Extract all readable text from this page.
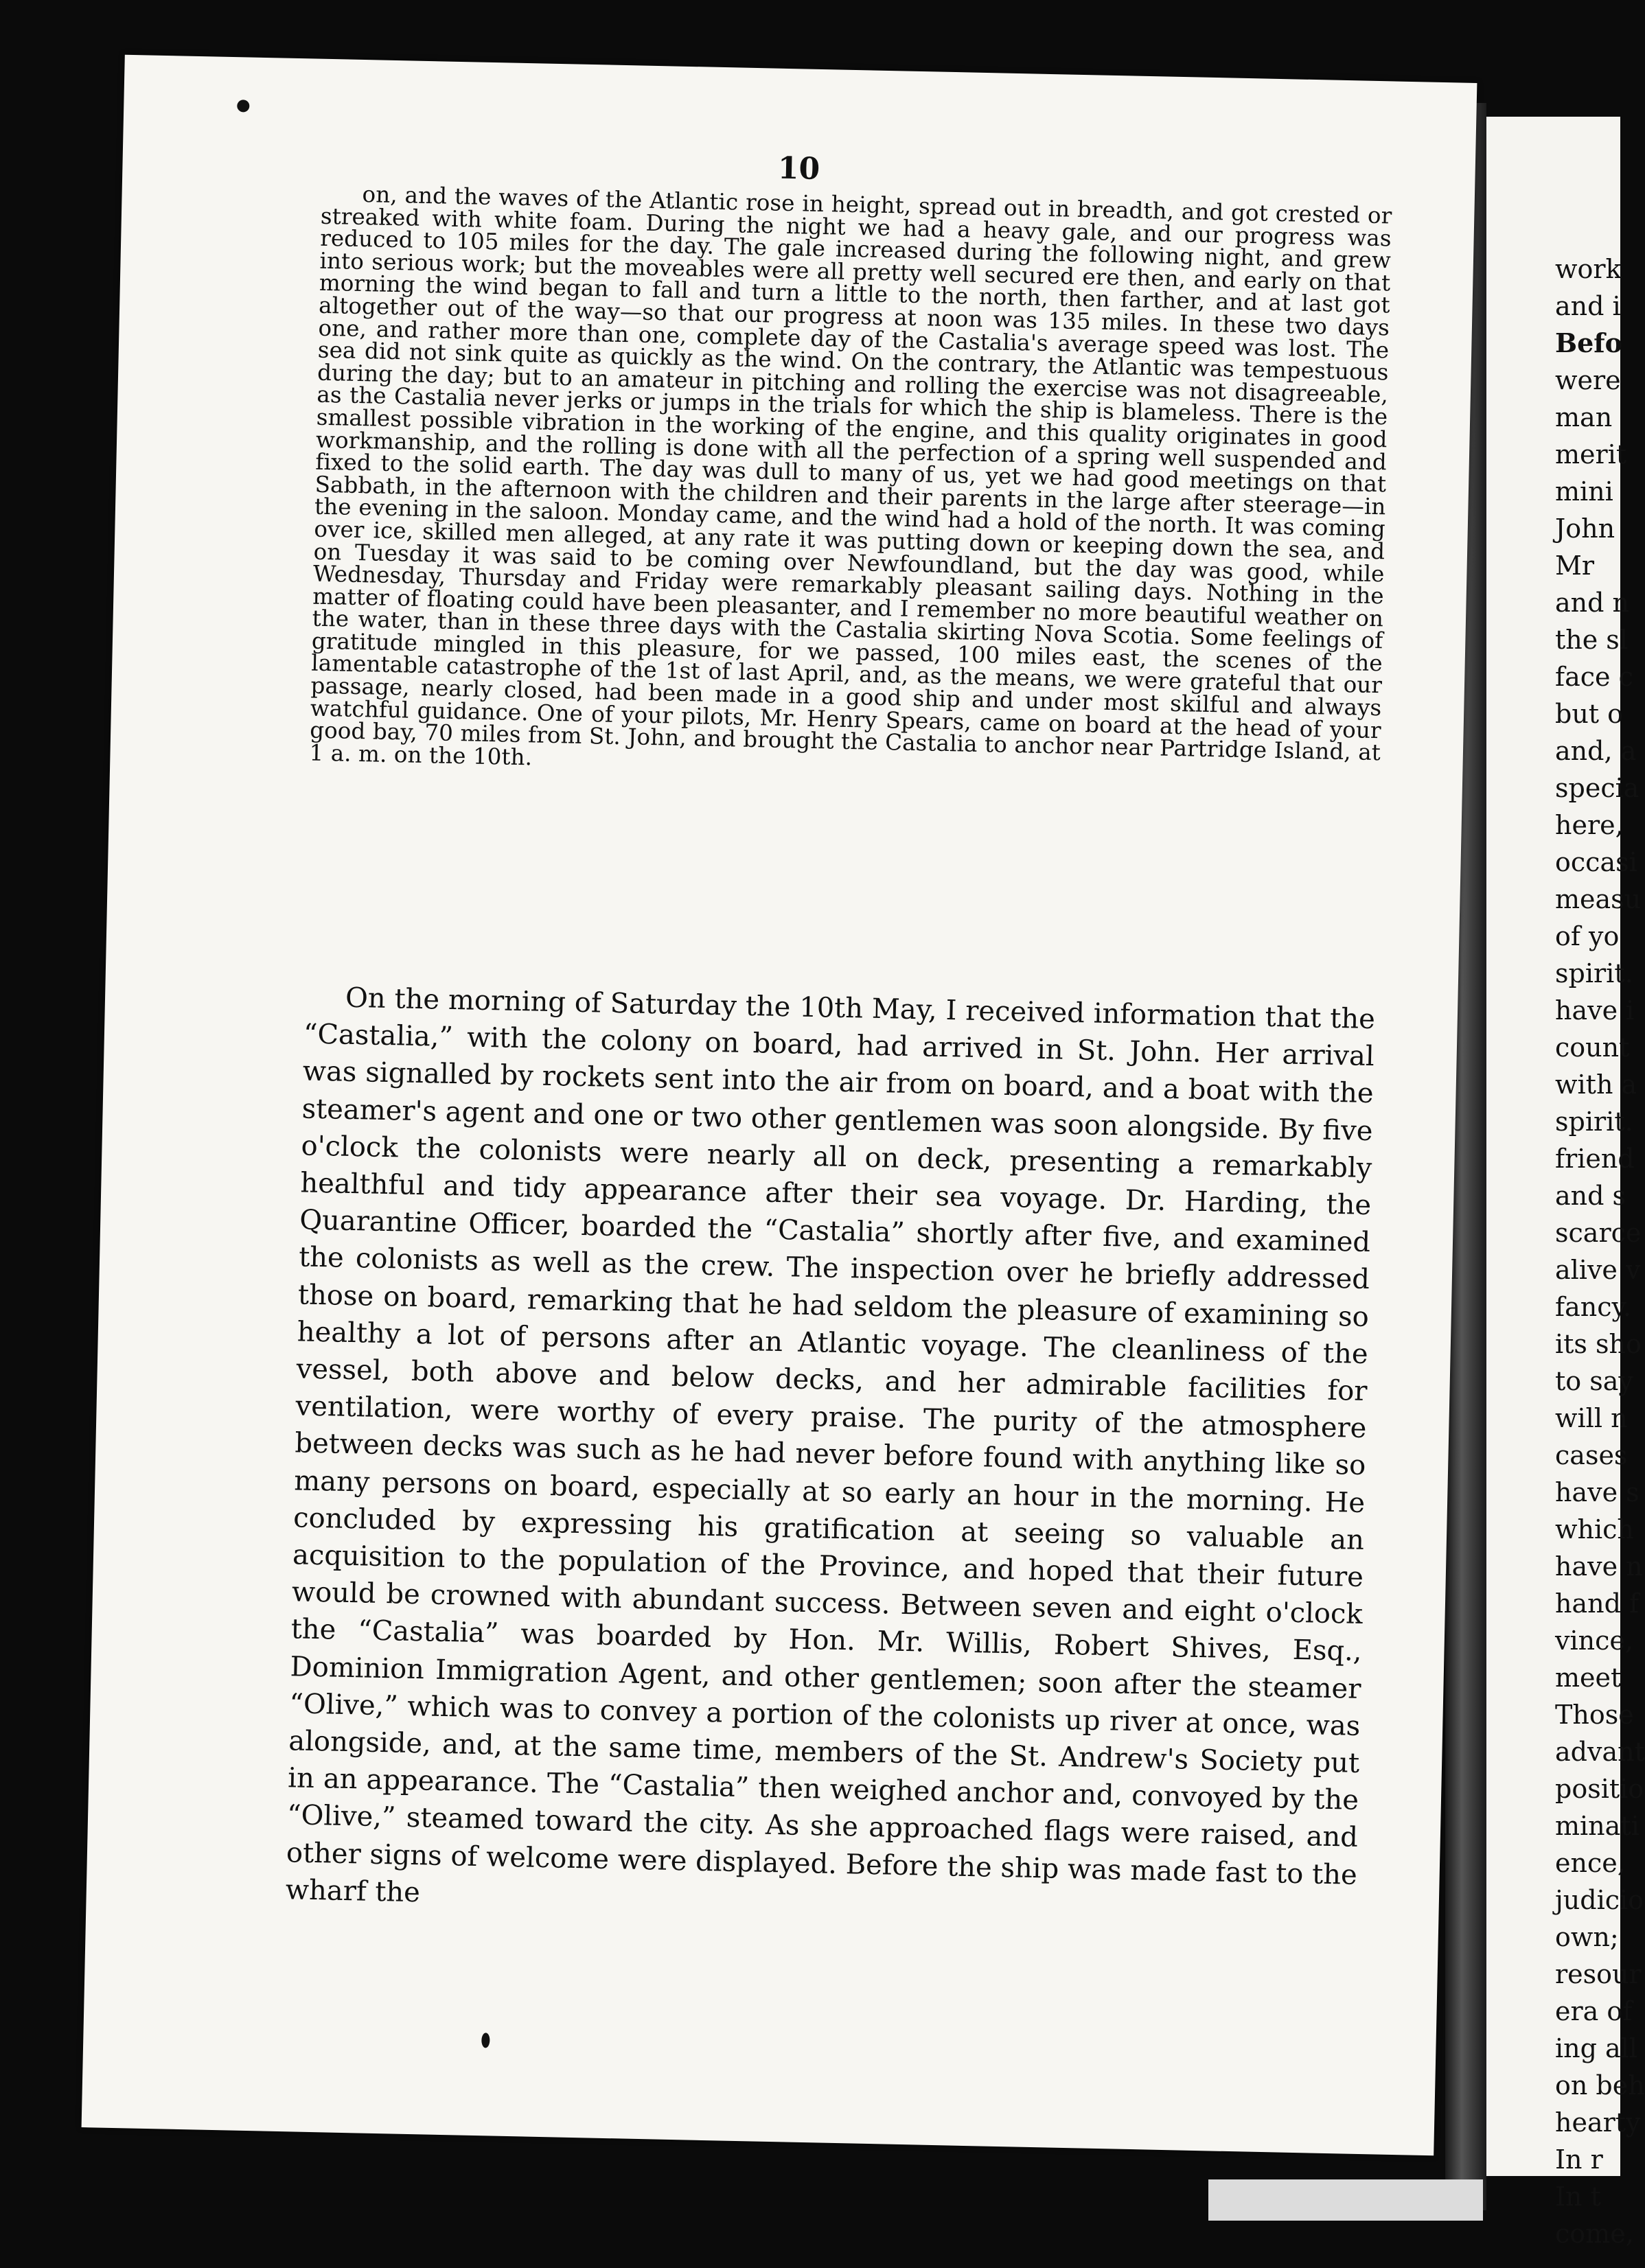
work
and i
Befo
were
man
merit
mini
John
Mr
and n
the sl
face c
but o
and, a
specia
here,
occasi
measu
of yo
spirit.
have i
count
with a
spirit.
friend
and s
scarce
alive v
fancy.
its sho
to say
will n
cases
have s
which
have n
hand f
vince,
meet
Those
advant
positio
minati
ence,
judicio
own;
resour
era of
ing all
on beh
hearty
In r
In t
come,
10

on, and the waves of the Atlantic rose in height, spread out in breadth, and got crested or streaked with white foam. During the night we had a heavy gale, and our progress was reduced to 105 miles for the day. The gale increased during the following night, and grew into serious work; but the moveables were all pretty well secured ere then, and early on that morning the wind began to fall and turn a little to the north, then farther, and at last got altogether out of the way—so that our progress at noon was 135 miles. In these two days one, and rather more than one, complete day of the Castalia's average speed was lost. The sea did not sink quite as quickly as the wind. On the contrary, the Atlantic was tempestuous during the day; but to an amateur in pitching and rolling the exercise was not disagreeable, as the Castalia never jerks or jumps in the trials for which the ship is blameless. There is the smallest possible vibration in the working of the engine, and this quality originates in good workmanship, and the rolling is done with all the perfection of a spring well suspended and fixed to the solid earth. The day was dull to many of us, yet we had good meetings on that Sabbath, in the afternoon with the children and their parents in the large after steerage—in the evening in the saloon. Monday came, and the wind had a hold of the north. It was coming over ice, skilled men alleged, at any rate it was putting down or keeping down the sea, and on Tuesday it was said to be coming over Newfoundland, but the day was good, while Wednesday, Thursday and Friday were remarkably pleasant sailing days. Nothing in the matter of floating could have been pleasanter, and I remember no more beautiful weather on the water, than in these three days with the Castalia skirting Nova Scotia. Some feelings of gratitude mingled in this pleasure, for we passed, 100 miles east, the scenes of the lamentable catastrophe of the 1st of last April, and, as the means, we were grateful that our passage, nearly closed, had been made in a good ship and under most skilful and always watchful guidance. One of your pilots, Mr. Henry Spears, came on board at the head of your good bay, 70 miles from St. John, and brought the Castalia to anchor near Partridge Island, at 1 a. m. on the 10th.

On the morning of Saturday the 10th May, I received information that the “Castalia,” with the colony on board, had arrived in St. John. Her arrival was signalled by rockets sent into the air from on board, and a boat with the steamer's agent and one or two other gentlemen was soon alongside. By five o'clock the colonists were nearly all on deck, presenting a remarkably healthful and tidy appearance after their sea voyage. Dr. Harding, the Quarantine Officer, boarded the “Castalia” shortly after five, and examined the colonists as well as the crew. The inspection over he briefly addressed those on board, remarking that he had seldom the pleasure of examining so healthy a lot of persons after an Atlantic voyage. The cleanliness of the vessel, both above and below decks, and her admirable facilities for ventilation, were worthy of every praise. The purity of the atmosphere between decks was such as he had never before found with anything like so many persons on board, especially at so early an hour in the morning. He concluded by expressing his gratification at seeing so valuable an acquisition to the population of the Province, and hoped that their future would be crowned with abundant success. Between seven and eight o'clock the “Castalia” was boarded by Hon. Mr. Willis, Robert Shives, Esq., Dominion Immigration Agent, and other gentlemen; soon after the steamer “Olive,” which was to convey a portion of the colonists up river at once, was alongside, and, at the same time, members of the St. Andrew's Society put in an appearance. The “Castalia” then weighed anchor and, convoyed by the “Olive,” steamed toward the city. As she approached flags were raised, and other signs of welcome were displayed. Before the ship was made fast to the wharf the
